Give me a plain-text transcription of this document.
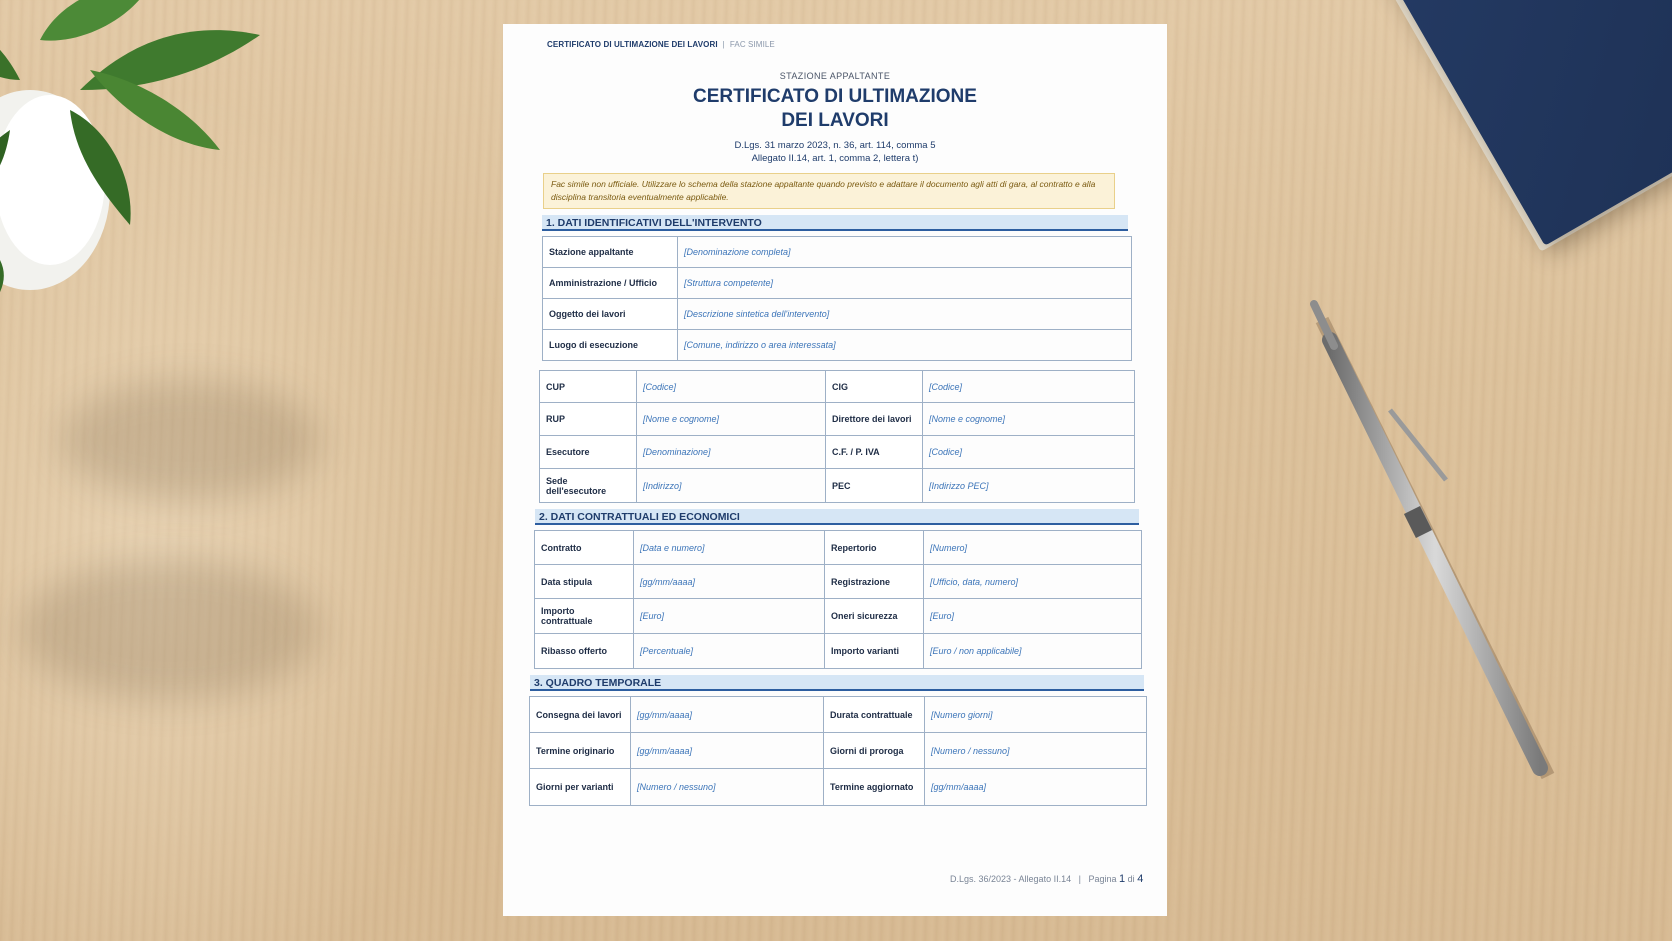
CERTIFICATO DI ULTIMAZIONE DEI LAVORI | FAC SIMILE
STAZIONE APPALTANTE
CERTIFICATO DI ULTIMAZIONE
DEI LAVORI
D.Lgs. 31 marzo 2023, n. 36, art. 114, comma 5
Allegato II.14, art. 1, comma 2, lettera t)
Fac simile non ufficiale. Utilizzare lo schema della stazione appaltante quando previsto e adattare il documento agli atti di gara, al contratto e alla disciplina transitoria eventualmente applicabile.
1. DATI IDENTIFICATIVI DELL'INTERVENTO
Stazione appaltante	[Denominazione completa]
Amministrazione / Ufficio	[Struttura competente]
Oggetto dei lavori	[Descrizione sintetica dell'intervento]
Luogo di esecuzione	[Comune, indirizzo o area interessata]
CUP	[Codice]	CIG	[Codice]
RUP	[Nome e cognome]	Direttore dei lavori	[Nome e cognome]
Esecutore	[Denominazione]	C.F. / P. IVA	[Codice]
Sede dell'esecutore	[Indirizzo]	PEC	[Indirizzo PEC]
2. DATI CONTRATTUALI ED ECONOMICI
Contratto	[Data e numero]	Repertorio	[Numero]
Data stipula	[gg/mm/aaaa]	Registrazione	[Ufficio, data, numero]
Importo contrattuale	[Euro]	Oneri sicurezza	[Euro]
Ribasso offerto	[Percentuale]	Importo varianti	[Euro / non applicabile]
3. QUADRO TEMPORALE
Consegna dei lavori	[gg/mm/aaaa]	Durata contrattuale	[Numero giorni]
Termine originario	[gg/mm/aaaa]	Giorni di proroga	[Numero / nessuno]
Giorni per varianti	[Numero / nessuno]	Termine aggiornato	[gg/mm/aaaa]
D.Lgs. 36/2023 - Allegato II.14 | Pagina 1 di 4
